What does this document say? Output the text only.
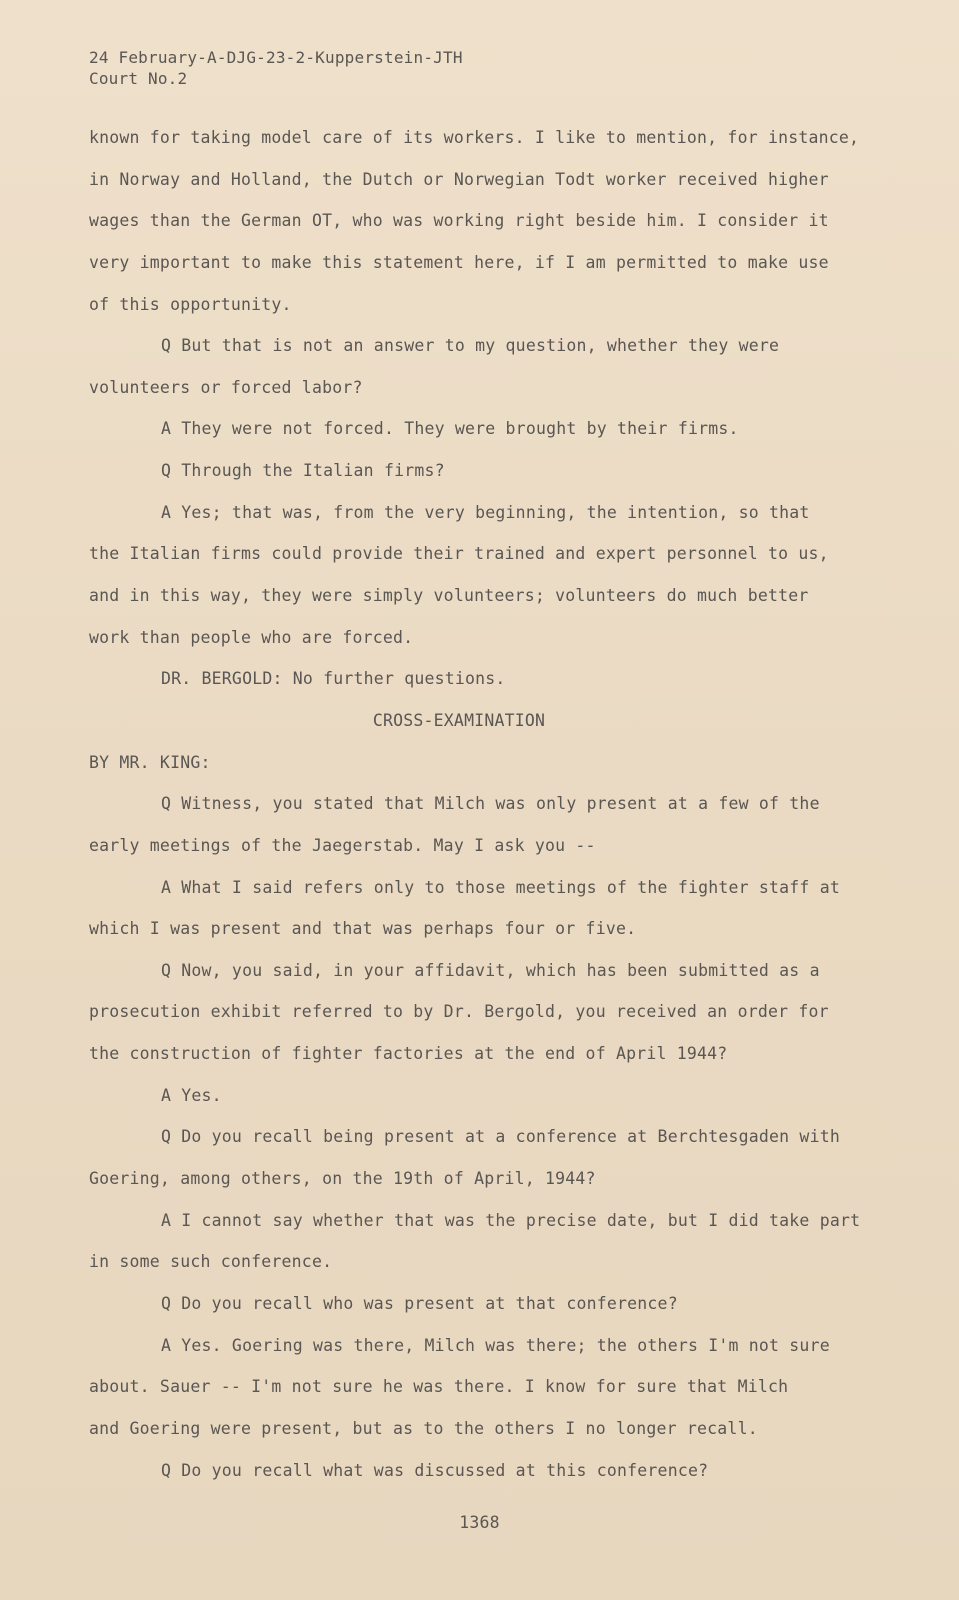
24 February-A-DJG-23-2-Kupperstein-JTH
Court No.2
known for taking model care of its workers. I like to mention, for instance,
in Norway and Holland, the Dutch or Norwegian Todt worker received higher
wages than the German OT, who was working right beside him. I consider it
very important to make this statement here, if I am permitted to make use
of this opportunity.
Q But that is not an answer to my question, whether they were
volunteers or forced labor?
A They were not forced. They were brought by their firms.
Q Through the Italian firms?
A Yes; that was, from the very beginning, the intention, so that
the Italian firms could provide their trained and expert personnel to us,
and in this way, they were simply volunteers; volunteers do much better
work than people who are forced.
DR. BERGOLD: No further questions.
CROSS-EXAMINATION
BY MR. KING:
Q Witness, you stated that Milch was only present at a few of the
early meetings of the Jaegerstab. May I ask you --
A What I said refers only to those meetings of the fighter staff at
which I was present and that was perhaps four or five.
Q Now, you said, in your affidavit, which has been submitted as a
prosecution exhibit referred to by Dr. Bergold, you received an order for
the construction of fighter factories at the end of April 1944?
A Yes.
Q Do you recall being present at a conference at Berchtesgaden with
Goering, among others, on the 19th of April, 1944?
A I cannot say whether that was the precise date, but I did take part
in some such conference.
Q Do you recall who was present at that conference?
A Yes. Goering was there, Milch was there; the others I'm not sure
about. Sauer -- I'm not sure he was there. I know for sure that Milch
and Goering were present, but as to the others I no longer recall.
Q Do you recall what was discussed at this conference?
1368
